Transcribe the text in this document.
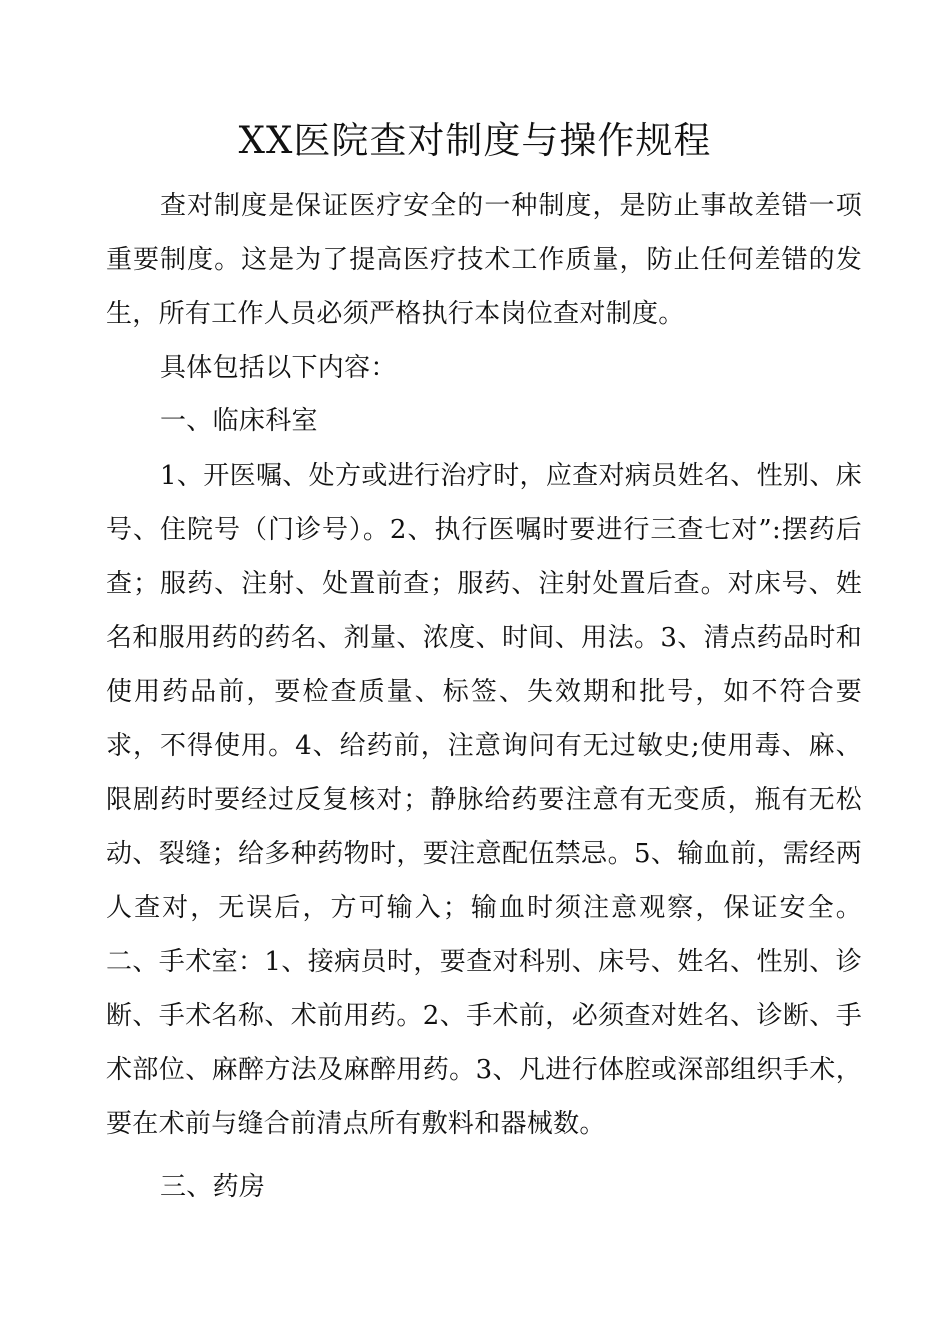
XX医院查对制度与操作规程

查对制度是保证医疗安全的一种制度，是防止事故差错一项重要制度。这是为了提高医疗技术工作质量，防止任何差错的发生，所有工作人员必须严格执行本岗位查对制度。

具体包括以下内容：

一、临床科室

1、开医嘱、处方或进行治疗时，应查对病员姓名、性别、床号、住院号（门诊号）。2、执行医嘱时要进行三查七对”:摆药后查；服药、注射、处置前查；服药、注射处置后查。对床号、姓名和服用药的药名、剂量、浓度、时间、用法。3、清点药品时和使用药品前，要检查质量、标签、失效期和批号，如不符合要求，不得使用。4、给药前，注意询问有无过敏史;使用毒、麻、限剧药时要经过反复核对；静脉给药要注意有无变质，瓶有无松动、裂缝；给多种药物时，要注意配伍禁忌。5、输血前，需经两人查对，无误后，方可输入；输血时须注意观察，保证安全。二、手术室：1、接病员时，要查对科别、床号、姓名、性别、诊断、手术名称、术前用药。2、手术前，必须查对姓名、诊断、手术部位、麻醉方法及麻醉用药。3、凡进行体腔或深部组织手术，要在术前与缝合前清点所有敷料和器械数。

三、药房
